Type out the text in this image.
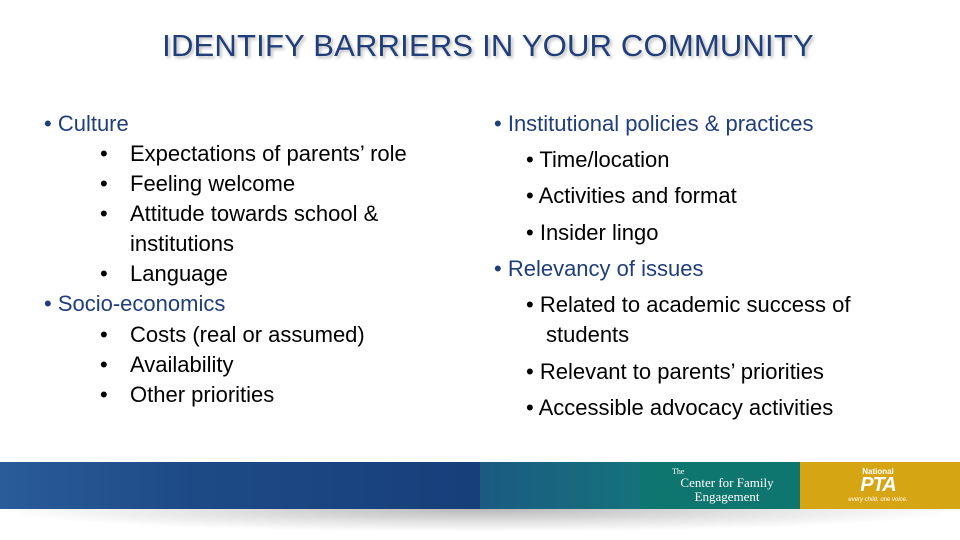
IDENTIFY BARRIERS IN YOUR COMMUNITY
• Culture
• Expectations of parents’ role
• Feeling welcome
• Attitude towards school &
institutions
• Language
• Socio-economics
• Costs (real or assumed)
• Availability
• Other priorities
• Institutional policies & practices
• Time/location
• Activities and format
• Insider lingo
• Relevancy of issues
• Related to academic success of
students
• Relevant to parents’ priorities
• Accessible advocacy activities
The
Center for Family
Engagement
National
PTA
every child. one voice.
